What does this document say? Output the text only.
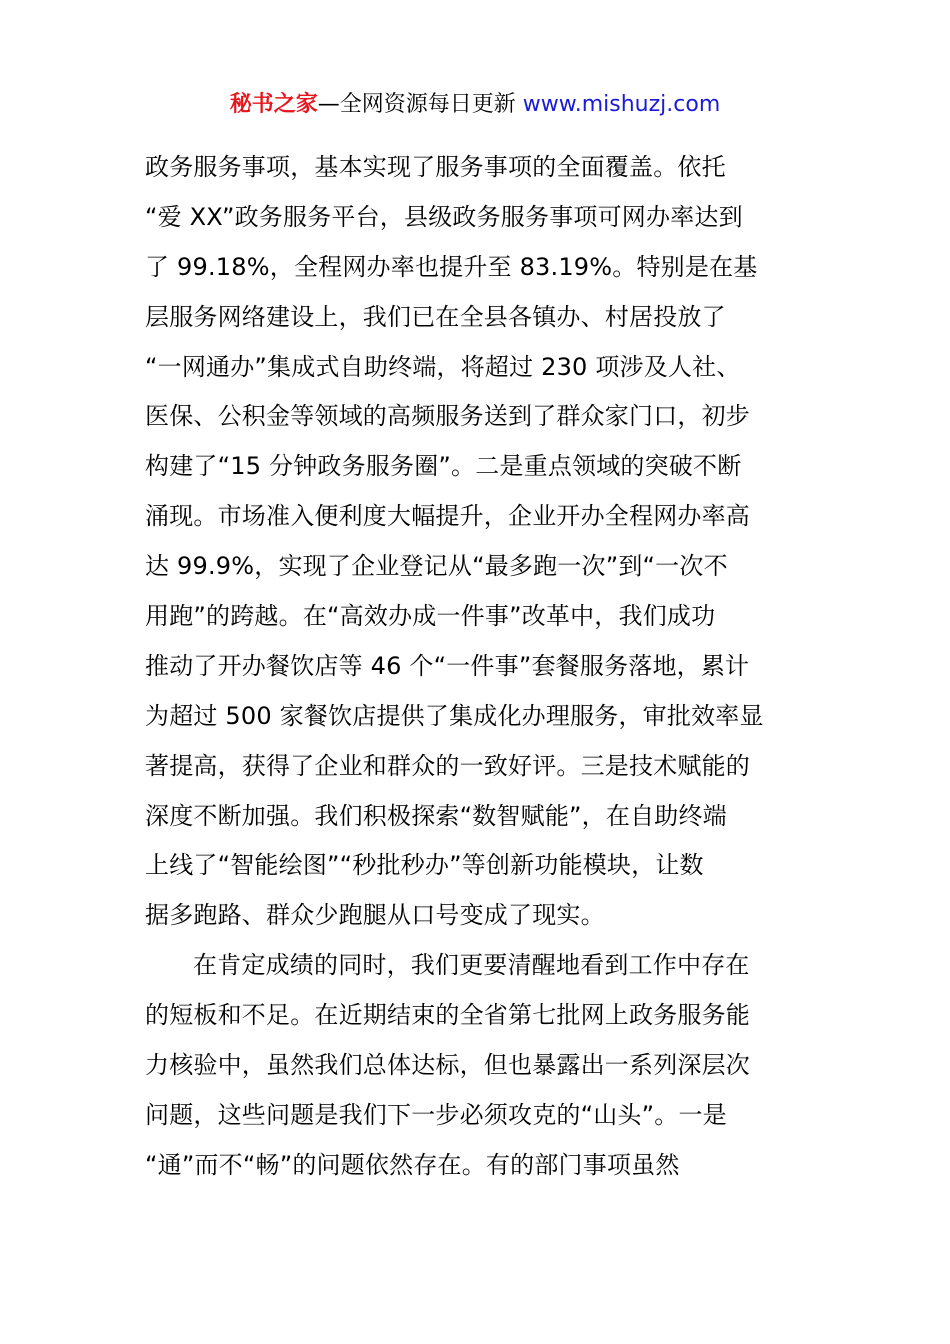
秘书之家—全网资源每日更新 www.mishuzj.com
政务服务事项，基本实现了服务事项的全面覆盖。依托
“爱 XX”政务服务平台，县级政务服务事项可网办率达到
了 99.18%，全程网办率也提升至 83.19%。特别是在基
层服务网络建设上，我们已在全县各镇办、村居投放了
“一网通办”集成式自助终端，将超过 230 项涉及人社、
医保、公积金等领域的高频服务送到了群众家门口，初步
构建了“15 分钟政务服务圈”。二是重点领域的突破不断
涌现。市场准入便利度大幅提升，企业开办全程网办率高
达 99.9%，实现了企业登记从“最多跑一次”到“一次不
用跑”的跨越。在“高效办成一件事”改革中，我们成功
推动了开办餐饮店等 46 个“一件事”套餐服务落地，累计
为超过 500 家餐饮店提供了集成化办理服务，审批效率显
著提高，获得了企业和群众的一致好评。三是技术赋能的
深度不断加强。我们积极探索“数智赋能”，在自助终端
上线了“智能绘图”“秒批秒办”等创新功能模块，让数
据多跑路、群众少跑腿从口号变成了现实。
在肯定成绩的同时，我们更要清醒地看到工作中存在
的短板和不足。在近期结束的全省第七批网上政务服务能
力核验中，虽然我们总体达标，但也暴露出一系列深层次
问题，这些问题是我们下一步必须攻克的“山头”。一是
“通”而不“畅”的问题依然存在。有的部门事项虽然
